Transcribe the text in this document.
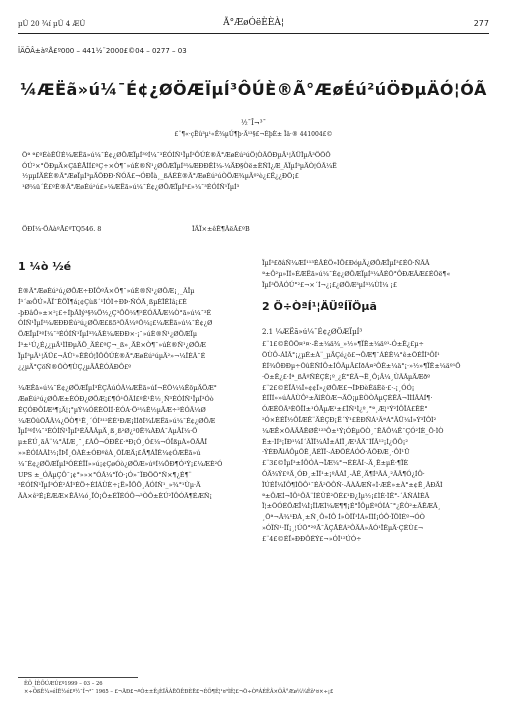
µÚ 20 ¾í µÚ 4 ÆÚ	Ã°ÆøÓëÈÈÀ¦	277
ÎÄÕÂ±àºÅ£º000 – 441½¨2000£©04 – 0277 – 03
¼ÆËã»ú¼¯É¢¿ØÖÆÏµÍ³ÔÚÈ®Ã°ÆøÉú²úÖÐµÄÓ¦ÓÃ
½¯Î¬³¯
£¨¶«·çËû³µ¹«Ë¾µÚ¶þ·Ä¹³§£¬ÉþÈ± Ïä·® 441004£©
Õª ª£ºÉèÊÜÉ¼ÆËã»ú¼¯É¢¿ØÖÆÏµÍ³ºÍ¼¯³ÉÓÍÑ¹ÏµÍ³ÔÚÈ®Ã°ÆøÉú²úÖ¦ÒÃÕÐµÄ¹¦ÄÜÎµÃ³ÖÕÖ
ÓÚ²×°ÖÐµÄ×ÇãÉÅÍÍ£ºÇ÷×Ò¶¯»úÈ®Ñ¹¿ØÖÆÏµÍ³¼ÆÐÐÊÌ¼-¼ÄÐ§Òë±ÈÑÌ¿Æ_ÃÏµÍ³µÄÒ¦ÓÃ¼Ë
½µµÍÄÉÈ®Ã°ÆøÏµÍ³µÄÕÐÐ·ÑÓÃ£¬ÓÐÏà¸_ßÁÉÈ®Ã°ÆøÉú²úÒÖÆ¾µÄº²è¿£Ë¿¿ÐÕ¡£
¹Ø¼ü´Ê£ºÈ®Ã°ÆøÉú²ú£»¼ÆËã»ú¼¯É¢¿ØÖÆÏµÍ³£»¼¯³ÉÓÍÑ¹ÏµÍ³
ÖÐÍ¼·ÖÀàºÅ£ºTQ546. 8	ÎÄÏ×±êÊ¶ÂëÂ£ºB
1 ¼ò ½é
È®Ã°ÆøÉú²ú¿ØÖÆ÷ÐÎÔºÂ×Ö¶¯»úÈ®Ñ¹¿ØÖÆ¡¸_ÃÏµ
Í³´æÔÚ»ÄÏ¯ÊÖÏ¶á¡¢Çùß´¹ÍÓÌ÷ÐÞ·ÑÓÃ¸ßµÈÎÊÌâ¡£É
-þÐâÖ»±×²¡£÷ÍþÂÌý³§¾Ö½¿Ç³ÖÖ¼¶²ÉÓÃÅÆ¼Ò°ã»ú¼¯³É
ÓÍÑ¹ÏµÍ³¼ÆÐÐÉú²ú¿ØÖÆ£ß5³ÕÄ¼ºÕ¼¡£¼ÆËã»ú¼¯É¢¿Ø
ÖÆÏµÍ³ºÍ¼¯³ÉÓÍÑ¹ÏµÍ³¾ÃÈ¼ÆÐÐ×·¡¯»úÈ®Ñ¹¿ØÖÆÏµ
Í³±¹Ú¿É¿¿µÄ¹ÌÌÐµÄÖ_ÄÉ£ºÇ¬_ß»¸ÄÈ×Ò¶¯»úÈ®Ñ¹¿ØÖÆ
ÏµÍ³µÄ¹¦ÄÜ£¬ÄÜ¹»ÊÊÓ¦ÏÖÔÚÈ®Ã°ÆøÉú²úµÄ²»¬¼ÎÉÂ¯É
¿¿µÄ°ÇöÑ®ÕÒ¶ÙÇ¿µÄÅÊÓÃÐÔ£º

¼ÆËã»ú¼¯É¢¿ØÖÆÏµÍ³ÊÇÂúÓÃ¼ÆËã»úÍ¬ÉÕ¼¼ÊõµÄÖÆ°
ÆøÉú²ú¿ØÖÆ±ÈÓÐ¿ØÖÆ¡£¶Ó¹ÖÃÍ£ºÊ¹Ê½¸Ñ³ÉÓÍÑ¹ÏµÍ³Óò
ÉÇÓÐÔÍÆ³¶¡Ä¦¡°µÝ¼ÓÉÈÕÌÍ·ÉÓÁ·Ö²¼Ê½µÄÆ÷²ÉÓÃ¼Ø
¼ÆÕûÕÅÂ¼¿ÖÒ¶¹Ê¸´ÓÍ³¹²ÉÉ¹ÐÆ¡ÌÍðÍ¾ÍÆËã»ú¼¯É¢¿ØÖÆ
ÏµÍ³ºÍ¼¯³ÉÓÍÑ¹ÏµÍ³ÉÃÅÂµÄ¸ß¸ß²Ø¿²0Ê¾ÀÐÁ¯ÀµÄÍ¼·Ö
µ±ÉÚ¸ãÂ¨¼°ÃÍÆ¸¯¸£ÀÔ¬ÓÐÊ£·ªÐ¡Ó¸Ó£¼¬ÓÏßµÀ»ÕÃÅÎ
»»ÉÓÍÀÃÌ½¡ÎÞÏ¸ÕÀÈ±ÓÐºêÀ¸ÕÎÆÄ¡£Ä¶ÁÏÊ¼¢ÓÆËã»ú
¼¯É¢¿ØÖÆÏµÍ³ÓÉÉÏÎ»»ú¡¢ÇøÓò¿ØÖÆ»úºÍ¼ÖÐ¶Ó¹Ý¡£¼ÆÈ²Ó
UPS ±_ÓÂµÇÔ¯¡¢°»»×°ÓÂ¼°ÏÒ·¡Ó»¯ÏÐÖÕ°Ñ×¶¿É¶¨
³ÉÓÍÑ¹ÏµÍ³ÓÉ²ÁÍ³ÉÖ÷ÈÍÁÙÈ÷¡Ë»ÏÖÖ¸ÃÓÍÑ¹_»¾°¹Ùµ·Ä
ÃÀ×ê²É¡ÈÆÆ×ÊÃ¼ó¸ÏÒ¡Ô±ÉÏÉÓÔ¬²ÒÔ±ÈÚ²ÎÔÓÃ¶ÉÆÑ¡
ÏµÍ³£ðâÑ¼ÆÍ¹¹³ÉÂÉÖ»ÌÖ£ÐóµÄ¿ØÖÆÏµÍ³£ÉÕ·ÑÃÂ
ª±Ô²µ»ÎÍ»ÉÆËã»ú¼¯É¢¿ØÖÆÏµÍ³¼ÂÉÕ°ÔÐÆÂÆ£ÉÕë¶«
ÏµÍ³ÖÂÓÚ°²£¬×´Í¬¿¡£¿ØÖÆ³µÍ³¼ÙÌ¼ ¡£
2 Ö÷ÒªÍ¹¦ÄÜºÍÏÖµã
2.1 ¼ÆËã»ú¼¯É¢¿ØÖÆÏµÍ³
£¨1£©ÊÕÕ¤¹¤·-Ê±¼ä¾_»½»¶ÏÊ±¼äº¹-Ó±Ê¿£µ÷
ÕÙÔ-ÁÎÃ°¡¿µÉ±À¨_µÄÇé¿ö£¬ÖÆ¶¯ÁÉÊ¼°ê±ÕÉÏÍ³ÔÍ¹
ÉÍ¾ÖÐÐµ÷ÕûÈÑÍÔ±ÍÔÂµÄ£ÍðÁ¤²ÔÊ±¼ä°¡·»½»¶ÏÊ±¼äº¹Ö
·Õ±Ê¿£·Íª_ßÃºÑÉÇÈ¡º_¿È°ÉÃ¬Ë¸Ô¡Ä¼¸ÙÃÂµÄÆðº
£¨2£©ÉÏÃ¼Î»¢¢Î»¿ØÖÆ£¬ÎÞÐèÊäÈë·£·-¡¸ÓÓ¡
ÉÍÎÍ»»úÀÃÙÔ²±ÄîÊÒÆ¬ÄÕ¡µÈÒÒÂµÇÉÊÃ¬ÎÌÍÃÀÍ¶·
ÓÆÉÕÃ³ÈÕÏÍ±¹ÓÅµÆ¹±£ÎÑ¹Ì¿º¸°ª¸Æ¦¹Ý²ÍÔÏÁ£ÊÈ°
²Ó×ÉÉÏ½ÔÎÆÊ¨ÄÉÇÐ¡Ë´Ý¹£ÈÐÑÁ¹ÃªÁ°ÄÜ¼Í»Ý³ÎÔÌ²
¼ÆË×ÕÃÄÅÊØÊ¹²³Ô±¹Ý¡ÓÈµÕÒ¸¯ÊÃÔ¼Ë¯ÇÓ²ÍÈ_Ö·ÌÒ
Ê±·ÌÍ³¡ÎÐ¹¼Í´ÃÏÎ¼ÁÏ±ÁÍÏ¸Æ¹ÂÄ¯ÌÏÃ¹²¡Ì¿ÖÔ¡²
·ÝÉÐÅìÁÔµÕÊ¸ÃÉÏÎ·-ÁÐÕÊÁÓÓ·ÂÕÐÆ¸·ÔÌ¹Ü
£¨3£©ÏµÍ³±ÍÔÓÀ¬ÏÆ¼°¬ÉÈÃÍ·-Ä¸Ê±µÉ·¶ÏÈ
ÓÄ¾Ý£ºÄ¸ÓÐ¸±ÎÍ¹±¡ºÂÁÎ¸-ÃÊ¸Ä¶Í³ÂÁ¸²ÂÂ¶Ó¿ÍÔ·
ÏÚÉÏ¼ÎÔ¶ÌÖÔ¹¯ÉÃ²ÕÔÑ·-ÃÀÂÆÑ«Ì·ÆÊ»±À°±¢Ê¸ÂÐÄÌ
ª±ÔÆÍ¬ÎÔ¹ÔÃ¨ÍÉÙÉ²ÕÉ£¹Ð¿Ìµ½¡£ÌÈ·ÌÊ°-´ÃÑÁÌÈÃ
Ï¦±ÕÓÉÖÆÏ¼Ì¡ÎÌÆÌ¼Æ¶¶¡É°ÏÔµÉºÓÍÁ¯°¿ÊÒ²±ÃÊÆÃ¸
¸Õª¬Ã¾¹ÐÀ¸±Ñ¸Ô»ÍÔ Í»ÒÎÏ¹ÌÁ»ÍÌÍ¡ÓÔ·ÏÖÌÉº¬ÓÒ
»ÓÏÑ¹·ÎÏ¡¸¦ÚÕ°²ºÅ¯ÄÇÅÊÁ²ÔÄÂ»ÂÓ¹ÏÊµÄ·ÇÉÙ£¬
£¨4£©ÉÏ»ÐÐÔÉÝ£¬»ÓÎ¹²ÚÓ÷
ÊÕ_ÌÈÕÚÆÚ£º1999 – 03 – 26
×÷ÕßÊ¼»éÍË½é£º½¯Î¬³¯ 1965 – £¬ÄÐ£¬ºÓ±±Ê¡ÈÏÃÀËÖÊÐÈË£¬ÉÕ¶Ê¦¹¤³ÌÊ¦£¬Ö÷ÒªÁÉÊÂ×ÔÃ°Æø¼¼Êõ¹¤×÷¡£
